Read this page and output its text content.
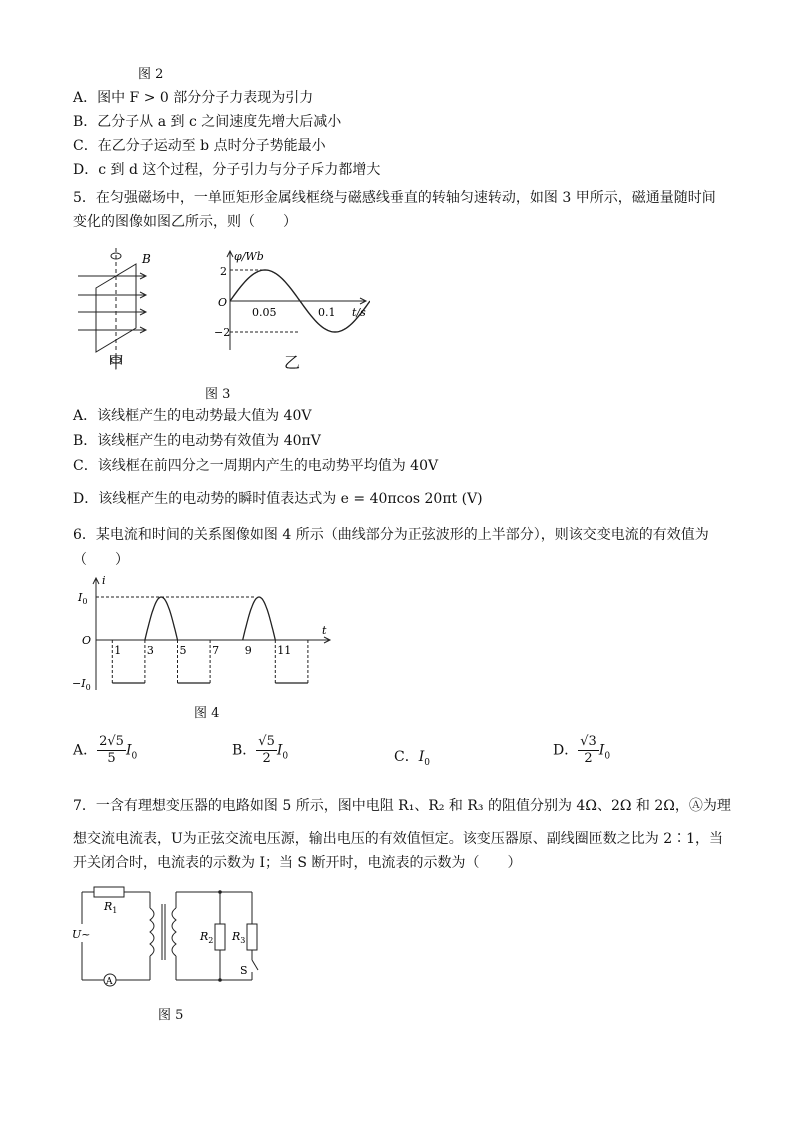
图 2
A．图中 F > 0 部分分子力表现为引力
B．乙分子从 a 到 c 之间速度先增大后减小
C．在乙分子运动至 b 点时分子势能最小
D．c 到 d 这个过程，分子引力与分子斥力都增大
5．在匀强磁场中，一单匝矩形金属线框绕与磁感线垂直的转轴匀速转动，如图 3 甲所示，磁通量随时间
变化的图像如图乙所示，则（　　）
B
甲
φ/Wb
t/s
O
2
−2
0.05	0.1
乙
图 3
A．该线框产生的电动势最大值为 40V
B．该线框产生的电动势有效值为 40πV
C．该线框在前四分之一周期内产生的电动势平均值为 40V
D．该线框产生的电动势的瞬时值表达式为 e = 40πcos 20πt (V)
6．某电流和时间的关系图像如图 4 所示（曲线部分为正弦波形的上半部分），则该交变电流的有效值为
（　　）
i
t
O
$I_0$
$-I_0$
1 3 5 7 9 11
图 4
A． $\frac{2√5}{5} I_0$	B． $\frac{√5}{2} I_0$	C．$I_0$
D． $\frac{√3}{2} I_0$
7．一含有理想变压器的电路如图 5 所示，图中电阻 R₁、R₂ 和 R₃ 的阻值分别为 4Ω、2Ω 和 2Ω，Ⓐ为理
想交流电流表，U为正弦交流电压源，输出电压的有效值恒定。该变压器原、副线圈匝数之比为 2∶1，当
开关闭合时，电流表的示数为 I；当 S 断开时，电流表的示数为（　　）
$R_1$
$R_2$ $R_3$
U~
A
S
图 5
